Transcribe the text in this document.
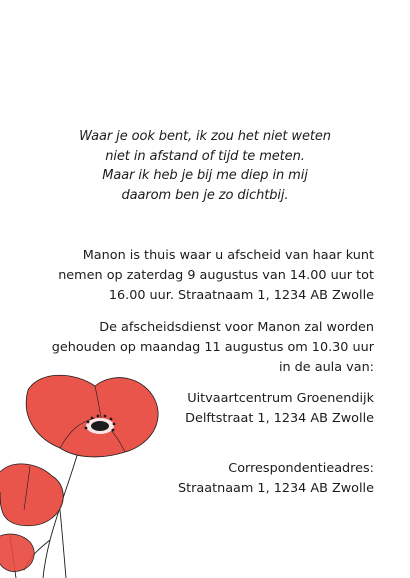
Waar je ook bent, ik zou het niet weten
niet in afstand of tijd te meten.
Maar ik heb je bij me diep in mij
daarom ben je zo dichtbij.
Manon is thuis waar u afscheid van haar kunt
nemen op zaterdag 9 augustus van 14.00 uur tot
16.00 uur. Straatnaam 1, 1234 AB Zwolle
De afscheidsdienst voor Manon zal worden
gehouden op maandag 11 augustus om 10.30 uur
in de aula van:
Uitvaartcentrum Groenendijk
Delftstraat 1, 1234 AB Zwolle
Correspondentieadres:
Straatnaam 1, 1234 AB Zwolle
